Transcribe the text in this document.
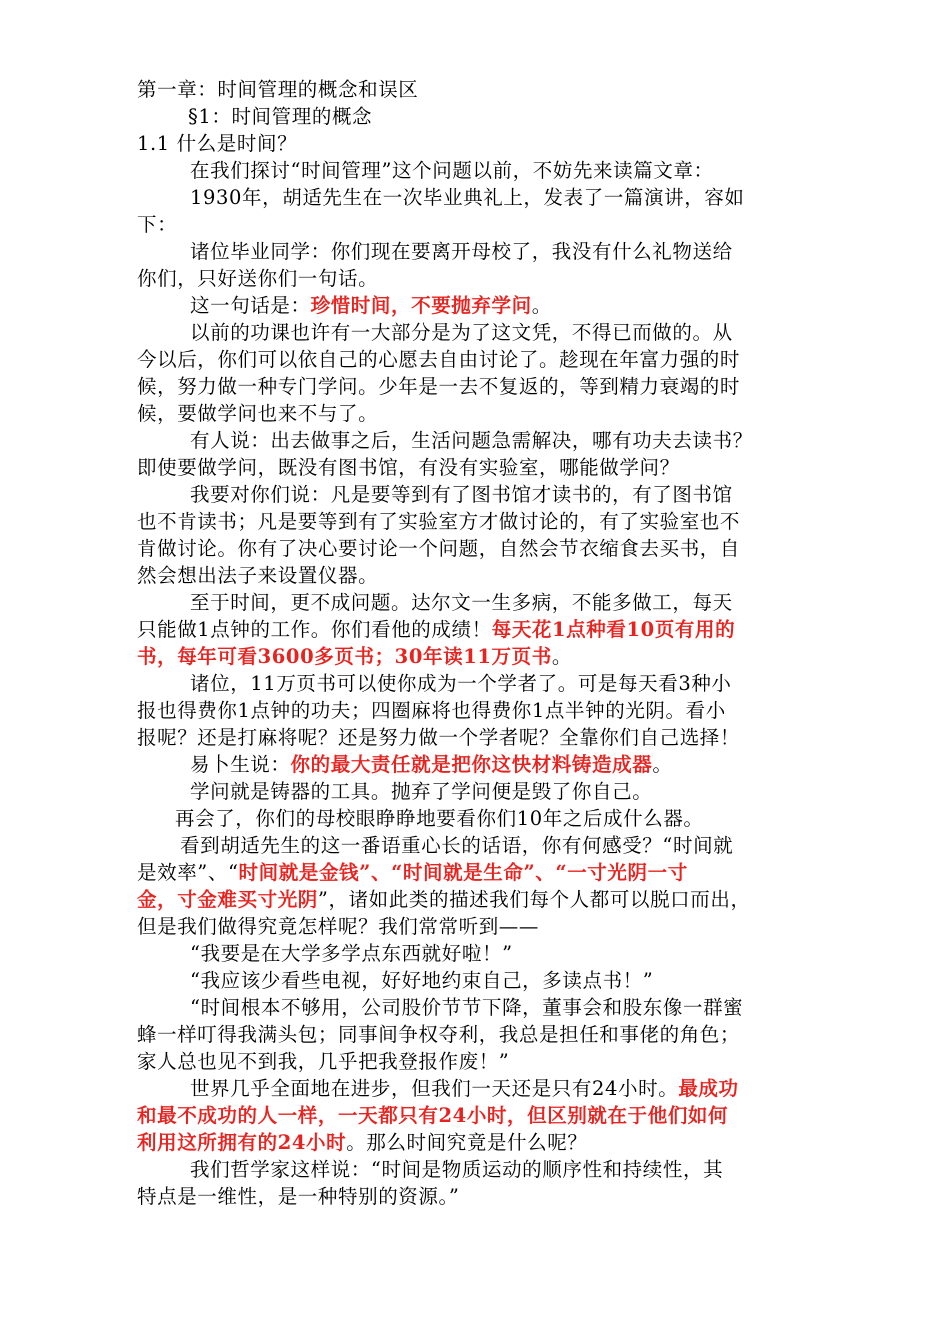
第一章：时间管理的概念和误区
§1：时间管理的概念
1.1 什么是时间？
在我们探讨“时间管理”这个问题以前，不妨先来读篇文章：
1930年，胡适先生在一次毕业典礼上，发表了一篇演讲，容如
下：
诸位毕业同学：你们现在要离开母校了，我没有什么礼物送给
你们，只好送你们一句话。
这一句话是：珍惜时间，不要抛弃学问。
以前的功课也许有一大部分是为了这文凭，不得已而做的。从
今以后，你们可以依自己的心愿去自由讨论了。趁现在年富力强的时
候，努力做一种专门学问。少年是一去不复返的，等到精力衰竭的时
候，要做学问也来不与了。
有人说：出去做事之后，生活问题急需解决，哪有功夫去读书？
即使要做学问，既没有图书馆，有没有实验室，哪能做学问？
我要对你们说：凡是要等到有了图书馆才读书的，有了图书馆
也不肯读书；凡是要等到有了实验室方才做讨论的，有了实验室也不
肯做讨论。你有了决心要讨论一个问题，自然会节衣缩食去买书，自
然会想出法子来设置仪器。
至于时间，更不成问题。达尔文一生多病，不能多做工，每天
只能做1点钟的工作。你们看他的成绩！每天花1点种看10页有用的
书，每年可看3600多页书；30年读11万页书。
诸位，11万页书可以使你成为一个学者了。可是每天看3种小
报也得费你1点钟的功夫；四圈麻将也得费你1点半钟的光阴。看小
报呢？还是打麻将呢？还是努力做一个学者呢？全靠你们自己选择！
易卜生说：你的最大责任就是把你这快材料铸造成器。
学问就是铸器的工具。抛弃了学问便是毁了你自己。
再会了，你们的母校眼睁睁地要看你们10年之后成什么器。
看到胡适先生的这一番语重心长的话语，你有何感受？“时间就
是效率”、“时间就是金钱”、“时间就是生命”、“一寸光阴一寸
金，寸金难买寸光阴”，诸如此类的描述我们每个人都可以脱口而出，
但是我们做得究竟怎样呢？我们常常听到——
“我要是在大学多学点东西就好啦！”
“我应该少看些电视，好好地约束自己，多读点书！”
“时间根本不够用，公司股价节节下降，董事会和股东像一群蜜
蜂一样叮得我满头包；同事间争权夺利，我总是担任和事佬的角色；
家人总也见不到我，几乎把我登报作废！”
世界几乎全面地在进步，但我们一天还是只有24小时。最成功
和最不成功的人一样，一天都只有24小时，但区别就在于他们如何
利用这所拥有的24小时。那么时间究竟是什么呢？
我们哲学家这样说：“时间是物质运动的顺序性和持续性，其
特点是一维性，是一种特别的资源。”
